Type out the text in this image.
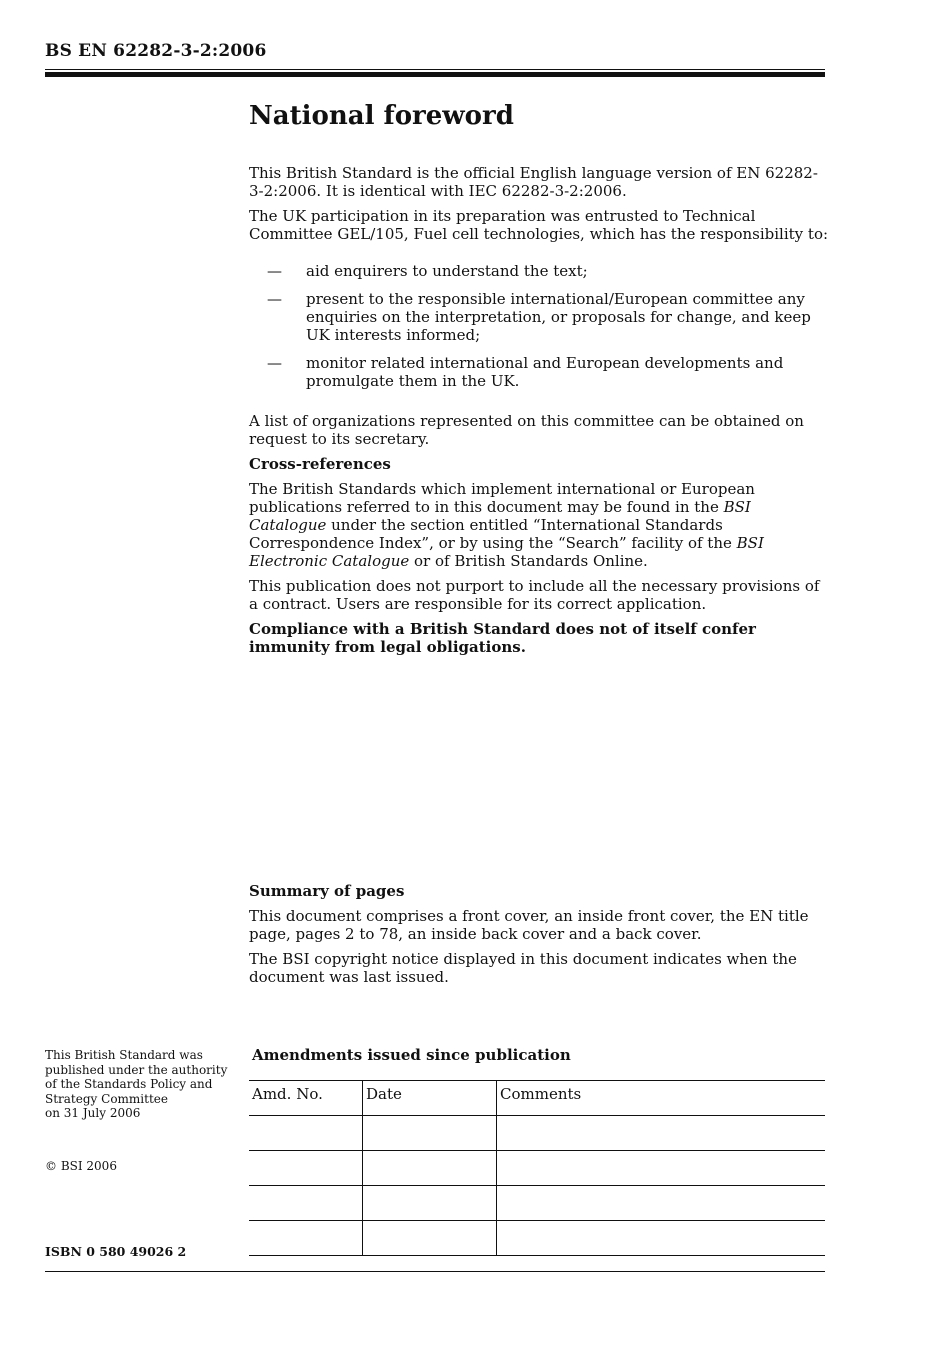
BS EN 62282-3-2:2006
National foreword

This British Standard is the official English language version of EN 62282-3-2:2006. It is identical with IEC 62282-3-2:2006.

The UK participation in its preparation was entrusted to Technical Committee GEL/105, Fuel cell technologies, which has the responsibility to:

— aid enquirers to understand the text;
— present to the responsible international/European committee any enquiries on the interpretation, or proposals for change, and keep UK interests informed;
— monitor related international and European developments and promulgate them in the UK.

A list of organizations represented on this committee can be obtained on request to its secretary.

Cross-references

The British Standards which implement international or European publications referred to in this document may be found in the BSI Catalogue under the section entitled “International Standards Correspondence Index”, or by using the “Search” facility of the BSI Electronic Catalogue or of British Standards Online.

This publication does not purport to include all the necessary provisions of a contract. Users are responsible for its correct application.

Compliance with a British Standard does not of itself confer immunity from legal obligations.

Summary of pages

This document comprises a front cover, an inside front cover, the EN title page, pages 2 to 78, an inside back cover and a back cover.

The BSI copyright notice displayed in this document indicates when the document was last issued.

This British Standard was
published under the authority
of the Standards Policy and
Strategy Committee
on 31 July 2006
© BSI 2006
ISBN 0 580 49026 2
Amendments issued since publication
Amd. No.	Date	Comments
